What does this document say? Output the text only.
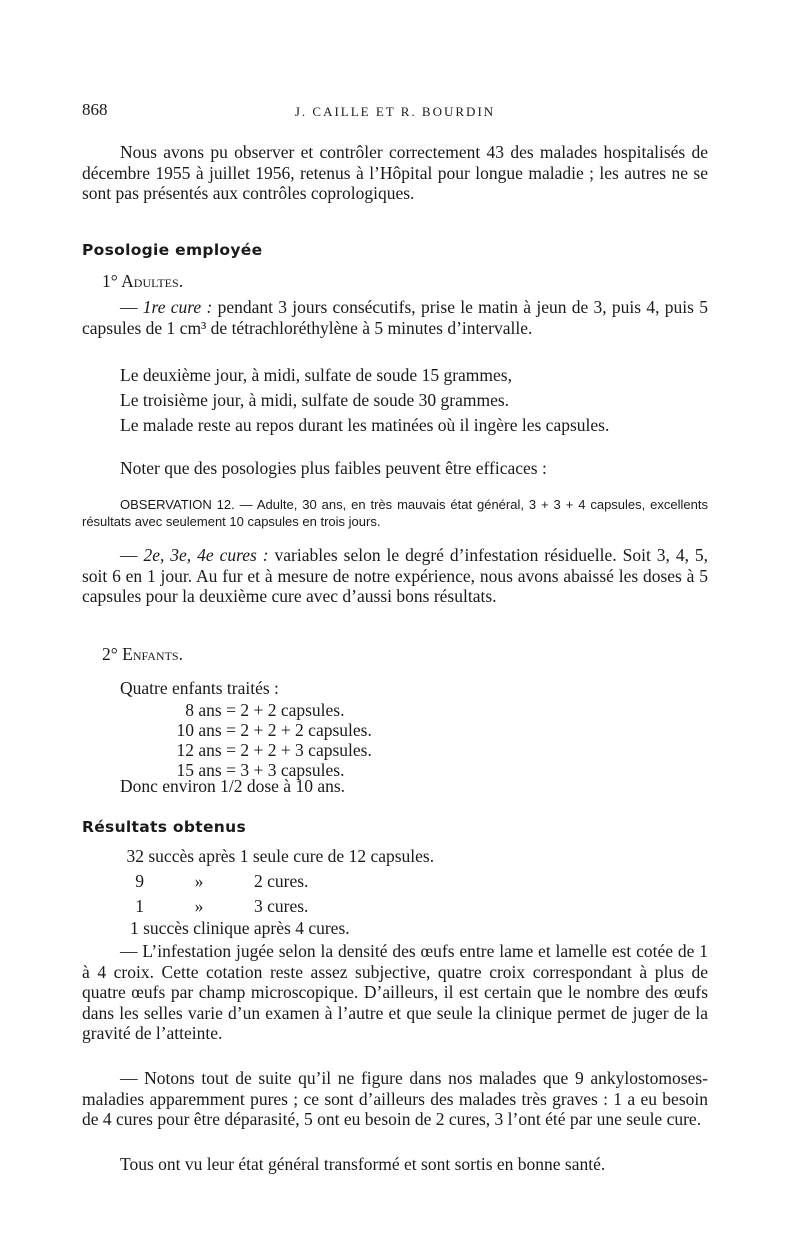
868	J. CAILLE ET R. BOURDIN
Nous avons pu observer et contrôler correctement 43 des malades hospitalisés de décembre 1955 à juillet 1956, retenus à l’Hôpital pour longue maladie ; les autres ne se sont pas présentés aux contrôles coprologiques.
Posologie employée
1° Adultes.
— 1re cure : pendant 3 jours consécutifs, prise le matin à jeun de 3, puis 4, puis 5 capsules de 1 cm³ de tétrachloréthylène à 5 minutes d’intervalle.
Le deuxième jour, à midi, sulfate de soude 15 grammes,
Le troisième jour, à midi, sulfate de soude 30 grammes.
Le malade reste au repos durant les matinées où il ingère les capsules.
Noter que des posologies plus faibles peuvent être efficaces :
OBSERVATION 12. — Adulte, 30 ans, en très mauvais état général, 3 + 3 + 4 capsules, excellents résultats avec seulement 10 capsules en trois jours.
— 2e, 3e, 4e cures : variables selon le degré d’infestation résiduelle. Soit 3, 4, 5, soit 6 en 1 jour. Au fur et à mesure de notre expérience, nous avons abaissé les doses à 5 capsules pour la deuxième cure avec d’aussi bons résultats.
2° Enfants.
Quatre enfants traités :
8 ans = 2 + 2 capsules.
10 ans = 2 + 2 + 2 capsules.
12 ans = 2 + 2 + 3 capsules.
15 ans = 3 + 3 capsules.
Donc environ 1/2 dose à 10 ans.
Résultats obtenus
32 succès après 1 seule cure de 12 capsules.
9	»	2 cures.
1	»	3 cures.
1 succès clinique après 4 cures.
— L’infestation jugée selon la densité des œufs entre lame et lamelle est cotée de 1 à 4 croix. Cette cotation reste assez subjective, quatre croix correspondant à plus de quatre œufs par champ microscopique. D’ailleurs, il est certain que le nombre des œufs dans les selles varie d’un examen à l’autre et que seule la clinique permet de juger de la gravité de l’atteinte.
— Notons tout de suite qu’il ne figure dans nos malades que 9 ankylostomoses-maladies apparemment pures ; ce sont d’ailleurs des malades très graves : 1 a eu besoin de 4 cures pour être déparasité, 5 ont eu besoin de 2 cures, 3 l’ont été par une seule cure.
Tous ont vu leur état général transformé et sont sortis en bonne santé.
